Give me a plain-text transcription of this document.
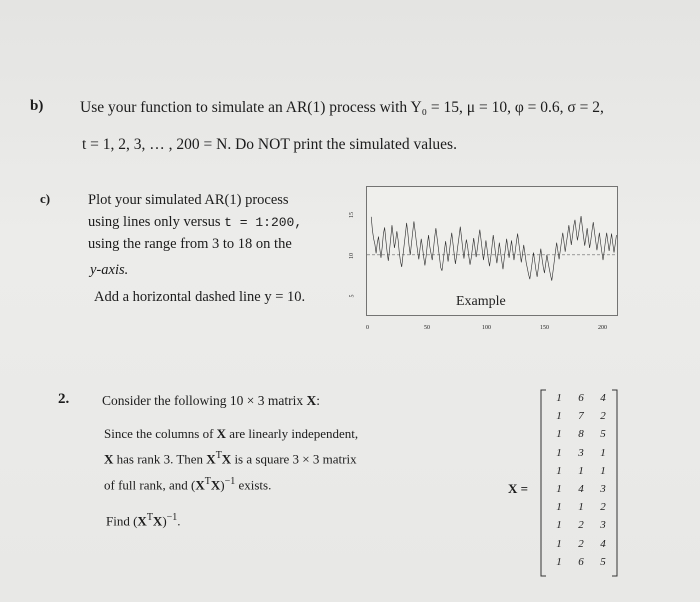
b) Use your function to simulate an AR(1) process with Y₀ = 15, μ = 10, φ = 0.6, σ = 2,
t = 1, 2, 3, … , 200 = N. Do NOT print the simulated values.
c)	Plot your simulated AR(1) process
using lines only versus t = 1:200,
using the range from 3 to 18 on the
y-axis.
Add a horizontal dashed line y = 10.	Example
15
10
5
0	50	100	150	200
2. Consider the following 10 × 3 matrix X:
Since the columns of X are linearly independent,
X has rank 3. Then $X^TX$ is a square 3 × 3 matrix
of full rank, and $(X^TX)^{-1}$ exists.
Find $(X^TX)^{-1}$.
X =
1	6	4
1	7	2
1	8	5
1	3	1
1	1	1
1	4	3
1	1	2
1	2	3
1	2	4
1	6	5
